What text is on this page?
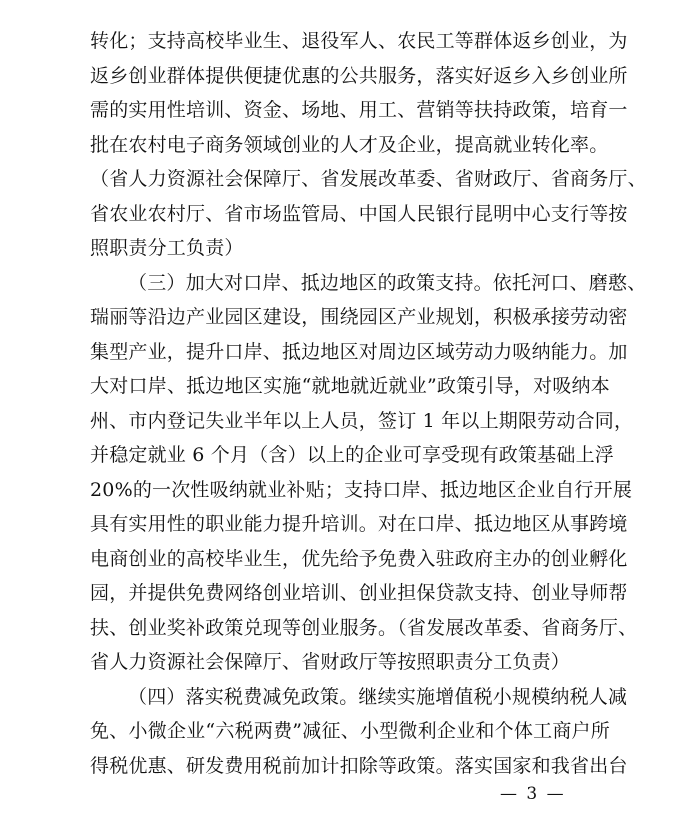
转化；支持高校毕业生、退役军人、农民工等群体返乡创业，为
返乡创业群体提供便捷优惠的公共服务，落实好返乡入乡创业所
需的实用性培训、资金、场地、用工、营销等扶持政策，培育一
批在农村电子商务领域创业的人才及企业，提高就业转化率。
（省人力资源社会保障厅、省发展改革委、省财政厅、省商务厅、
省农业农村厅、省市场监管局、中国人民银行昆明中心支行等按
照职责分工负责）
（三）加大对口岸、抵边地区的政策支持。依托河口、磨憨、
瑞丽等沿边产业园区建设，围绕园区产业规划，积极承接劳动密
集型产业，提升口岸、抵边地区对周边区域劳动力吸纳能力。加
大对口岸、抵边地区实施“就地就近就业”政策引导，对吸纳本
州、市内登记失业半年以上人员，签订 1 年以上期限劳动合同，
并稳定就业 6 个月（含）以上的企业可享受现有政策基础上浮
20%的一次性吸纳就业补贴；支持口岸、抵边地区企业自行开展
具有实用性的职业能力提升培训。对在口岸、抵边地区从事跨境
电商创业的高校毕业生，优先给予免费入驻政府主办的创业孵化
园，并提供免费网络创业培训、创业担保贷款支持、创业导师帮
扶、创业奖补政策兑现等创业服务。（省发展改革委、省商务厅、
省人力资源社会保障厅、省财政厅等按照职责分工负责）
（四）落实税费减免政策。继续实施增值税小规模纳税人减
免、小微企业“六税两费”减征、小型微利企业和个体工商户所
得税优惠、研发费用税前加计扣除等政策。落实国家和我省出台
— 3 —
